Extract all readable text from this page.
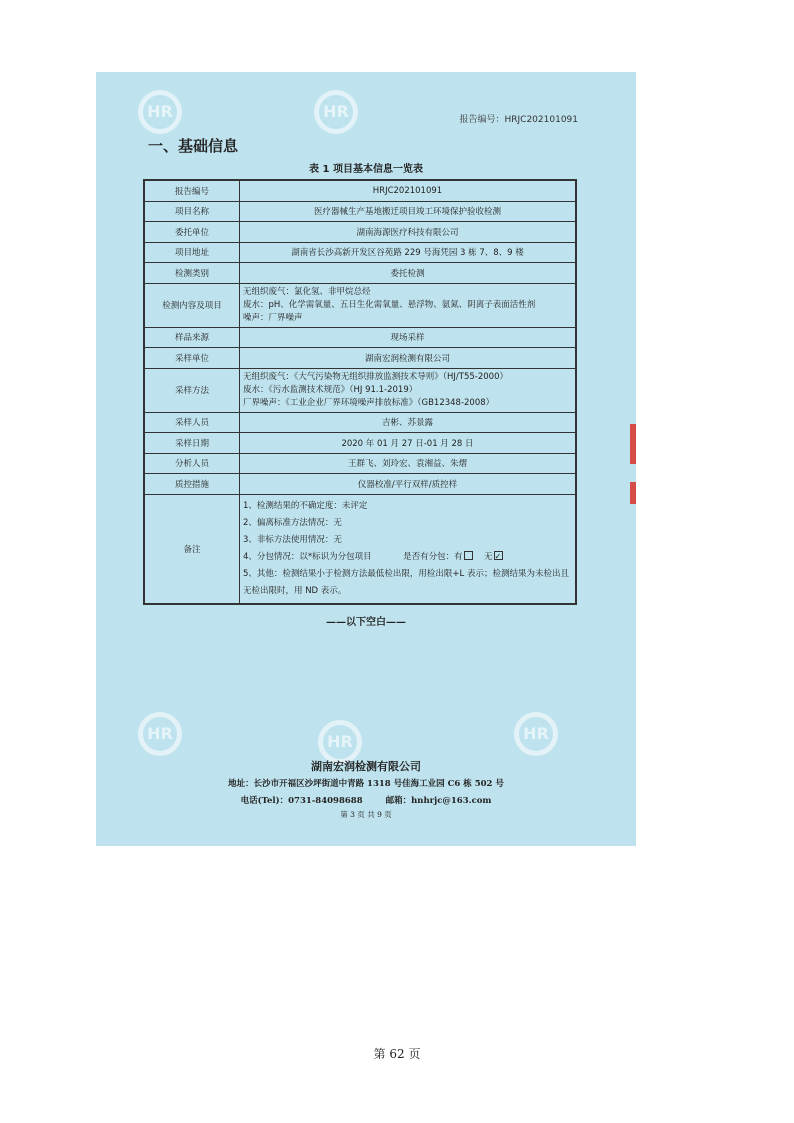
HR	HR
HR	HR	HR
报告编号：HRJC202101091
一、基础信息
表 1 项目基本信息一览表
报告编号	HRJC202101091
项目名称	医疗器械生产基地搬迁项目竣工环境保护验收检测
委托单位	湖南海源医疗科技有限公司
项目地址	湖南省长沙高新开发区谷苑路 229 号海凭园 3 栋 7、8、9 楼
检测类别	委托检测
检测内容及项目	无组织废气：氯化氢、非甲烷总烃
废水：pH、化学需氧量、五日生化需氧量、悬浮物、氨氮、阴离子表面活性剂
噪声：厂界噪声

样品来源	现场采样
采样单位	湖南宏润检测有限公司
采样方法	无组织废气：《大气污染物无组织排放监测技术导则》（HJ/T55-2000）
废水：《污水监测技术规范》（HJ 91.1-2019）
厂界噪声：《工业企业厂界环境噪声排放标准》（GB12348-2008）

采样人员	吉彬、苏景露
采样日期	2020 年 01 月 27 日-01 月 28 日
分析人员	王群飞、刘玲宏、袁湘益、朱熠
质控措施	仪器校准/平行双样/质控样
备注	1、检测结果的不确定度：未评定
2、偏离标准方法情况：无
3、非标方法使用情况：无
4、分包情况：以*标识为分包项目 是否有分包：有 无✓
5、其他：检测结果小于检测方法最低检出限，用检出限+L 表示；检测结果为未检出且无检出限时，用 ND 表示。
——以下空白——
湖南宏润检测有限公司
地址：长沙市开福区沙坪街道中青路 1318 号佳海工业园 C6 栋 502 号
电话(Tel)：0731-84098688	邮箱：hnhrjc@163.com
第 3 页 共 9 页
第 62 页
